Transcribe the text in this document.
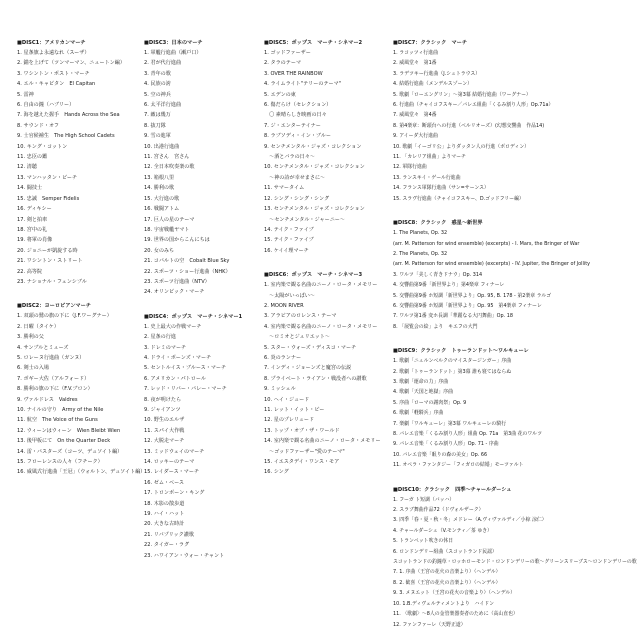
■DISC1：アメリカンマーチ
1. 星条旗よ永遠なれ（スーザ）
2. 錨を上げて（ツンマーマン、ニュートン編）
3. ワシントン・ポスト・マーチ
4. エル・キャピタン　El Capitan
5. 雷神
6. 自由の鐘（ハブリー）
7. 海を越えた握手　Hands Across the Sea
8. サウンド・オフ
9. 士官候補生　The High School Cadets
10. キング・コットン
11. 忠臣の鑑
12. 清聴
13. マンハッタン・ビーチ
14. 闘技士
15. 忠誠　Semper Fidelis
16. ディキシー
17. 剣と拍車
18. 宮中の礼
19. 将軍の肖像
20. ジョニーが凱旋する時
21. ワシントン・ストリート
22. 高等院
23. ナショナル・フェンシブル
■DISC2：ヨーロピアンマーチ
1. 双頭の鷲の旗の下に（J.F.ワーグナー）
2. 日曜（タイケ）
3. 勝利の父
4. サンブルとミューズ
5. ロレーヌ行進曲（ガンヌ）
6. 剣士の入場
7. ボギー大佐（アルフォード）
8. 勝利の旗の下に（F.V.ブロン）
9. ヴァルドレス　Valdres
10. ナイルの守り　Army of the Nile
11. 航空　The Voice of the Guns
12. ウィーンはウィーン　Wien Bleibt Wien
13. 後甲板にて　On the Quarter Deck
14. 雷・バスターズ（コーツ、デュソイト編）
15. フローレンスの人々（フチーク）
16. 威風式行進曲「王冠」（ウォルトン、デュソイト編）
■DISC3：日本のマーチ
1. 軍艦行進曲（瀬戸口）
2. 君が代行進曲
3. 青年の歌
4. 民族の誇
5. 空の神兵
6. 太平洋行進曲
7. 敵は幾万
8. 抜刀隊
9. 雪の進軍
10. 出港行進曲
11. 宮さん　宮さん
12. 全日本吹奏楽の歌
13. 箱根八里
14. 勝利の歌
15. 大行進の歌
16. 戦闘アトム
17. 巨人の星のテーマ
18. 宇宙戦艦ヤマト
19. 世界の国からこんにちは
20. 女のみち
21. コバルトの空　Cobalt Blue Sky
22. スポーツ・ショー行進曲（NHK）
23. スポーツ行進曲（NTV）
24. オリンピック・マーチ
■DISC4：ポップス　マーチ・シネマー1
1. 史上最大の作戦マーチ
2. 星条の行進
3. ドレミのマーチ
4. ドライ・ボーンズ・マーチ
5. セントルイス・ブルース・マーチ
6. アメリカン・パトロール
7. レッド・リバー・バレー・マーチ
8. 夜が明けたら
9. ジャイアンツ
10. 野生のエルザ
11. スパイ大作戦
12. 大脱走マーチ
13. ミッドウェイのマーチ
14. ロッキーのテーマ
15. レイダース・マーチ
16. ゼム・ベース
17. トロンボーン・キング
18. 木影の散歩道
19. ハイ・ハット
20. 大きな古時計
21. リバプリック讃歌
22. タイガー・ラグ
23. ハワイアン・ウォー・チャント
■DISC5：ポップス　マーチ・シネマー2
1. ゴッドファーザー
2. タラのテーマ
3. OVER THE RAINBOW
4. ライムライト"テリーのテーマ"
5. エデンの東
6. 傷だらけ（セレクション）
　〇 素晴らしき映画の日々
7. ジ・エンターテイナー
8. ラブソディ・イン・ブルー
9. センチメンタル・ジャズ・コレクション
　〜酒とバラの日々〜
10. センチメンタル・ジャズ・コレクション
　〜神の詩が幸せまさに〜
11. サマータイム
12. シング・シング・シング
13. センチメンタル・ジャズ・コレクション
　〜センチメンタル・ジャーニー〜
14. テイク・ファイブ
15. テイク・ファイブ
16. ケイイ理マーチ
■DISC6：ポップス　マーチ・シネマー3
1. 室内楽で観る名曲のニーノ・ロータ・メモリー
　〜太陽がいっぱい〜
2. MOON RIVER
3. アラビアのロレンス・テーマ
4. 室内楽で観る名曲のニーノ・ロータ・メモリー
　〜ロミオとジュリエット〜
5. スター・ウォーズ・ディスコ・マーチ
6. 炎のランナー
7. インディ・ジョーンズと魔宮の伝説
8. プライベート・ライアン・戦没者への讃歌
9. ミッシェル
10. ヘイ・ジュード
11. レット・イット・ビー
12. 星のプレリュード
13. トップ・オブ・ザ・ワールド
14. 室内楽で観る名曲のニーノ・ロータ・メモリー
　〜ゴッドファーザー"愛のテーマ"
15. イエスタデイ・ワンス・モア
16. シング
■DISC7：クラシック　マーチ
1. ラコッツィ行進曲
2. 威風堂々　第1番
3. ラデツキー行進曲（J.シュトラウス）
4. 結婚行進曲（メンデルスゾーン）
5. 歌劇「ローエングリン」〜第3幕 結婚行進曲（ワーグナー）
6. 行進曲（チャイコフスキー／バレエ組曲「くるみ割り人形」Op.71a）
7. 威風堂々　第4番
8. 第4楽章：断頭台への行進（ベルリオーズ）(幻想交響曲　作品14)
9. アイーダ大行進曲
10. 歌劇「イーゴリ公」よりダッタン人の行進（ボロディン）
11. 「カレリア組曲」よりマーチ
12. 軍隊行進曲
13. ランスキイ・ゲール行進曲
14. フランス軍隊行進曲（サン=サーンス）
15. スラヴ行進曲（チャイコフスキー、D.ゴッドフリー編）
■DISC8：クラシック　惑星〜新世界
1. The Planets, Op. 32
(arr. M. Patterson for wind ensemble) (excerpts) - I. Mars, the Bringer of War
2. The Planets, Op. 32
(arr. M. Patterson for wind ensemble) (excerpts) - IV. Jupiter, the Bringer of Jollity
3. ワルツ「美しく青きドナウ」Op. 314
4. 交響曲第9番「新世界より」第4楽章 フィナーレ
5. 交響曲第9番 ホ短調「新世界より」Op. 95, B. 178 - 第2楽章 ラルゴ
6. 交響曲第9番 ホ短調「新世界より」Op. 95　第4楽章 フィナーレ
7. ワルツ第1番 変ホ長調「華麗なる大円舞曲」Op. 18
8. 「展覧会の絵」より　キエフの大門
■DISC9：クラシック　トゥーランドット〜ワルキューレ
1. 歌劇「ニュルンベルクのマイスタージンガー」序曲
2. 歌劇「トゥーランドット」第3幕 誰も寝てはならぬ
3. 歌劇「運命の力」序曲
4. 歌劇「天国と地獄」序曲
5. 序曲「ローマの謝肉祭」Op. 9
6. 歌劇「軽騎兵」序曲
7. 楽劇「ワルキューレ」第3幕 ワルキューレの騎行
8. バレエ音楽「くるみ割り人形」組曲 Op. 71a　第3曲 花のワルツ
9. バレエ音楽「くるみ割り人形」Op. 71 - 序曲
10. バレエ音楽「眠りの森の美女」Op. 66
11. オペラ・ファンタジー「フィガロの結婚」モーツァルト
■DISC10：クラシック　四季〜チャールダーシュ
1. フーガ ト短調（バッハ）
2. スラブ舞曲作品72（ドヴォルザーク）
3. 四季「春・夏・秋・冬」メドレー（A.ヴィヴァルディ／小椋 涼仁）
4. チャールダーシュ（V.モンティ／茶 ゆき）
5. トランペット吹きの休日
6. ロンドンデリー組曲（スコットランド民謡）
スコットランドの釣鐘草・ロッホローモンド・ロンドンデリーの歌〜グリーンスリーブス〜ロンドンデリーの歌
7. 1. 序曲（王宮の花火の音楽より）（ヘンデル）
8. 2. 歓喜（王宮の花火の音楽より）（ヘンデル）
9. 3. メヌエット（王宮の花火の音楽より）（ヘンデル）
10. 1.B.ディヴェルティメントより　ハイドン
11. 〈歌劇〉〜8人の金管楽器奏者のために（高山直也）
12. ファンファーレ（天野正道）
